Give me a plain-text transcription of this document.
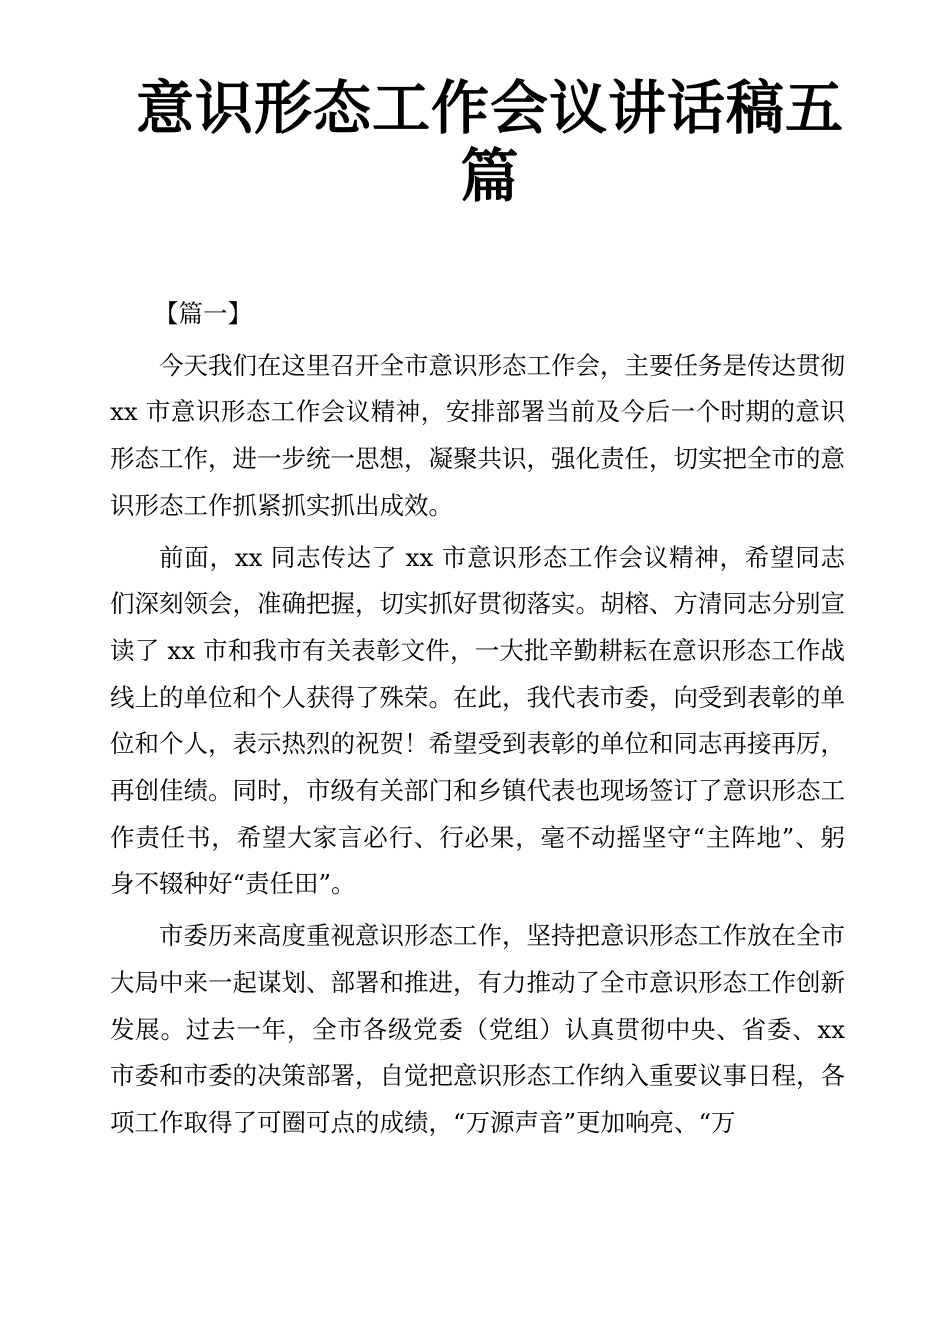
意识形态工作会议讲话稿五篇

【篇一】

今天我们在这里召开全市意识形态工作会，主要任务是传达贯彻 xx 市意识形态工作会议精神，安排部署当前及今后一个时期的意识形态工作，进一步统一思想，凝聚共识，强化责任，切实把全市的意识形态工作抓紧抓实抓出成效。

前面，xx 同志传达了 xx 市意识形态工作会议精神，希望同志们深刻领会，准确把握，切实抓好贯彻落实。胡榕、方清同志分别宣读了 xx 市和我市有关表彰文件，一大批辛勤耕耘在意识形态工作战线上的单位和个人获得了殊荣。在此，我代表市委，向受到表彰的单位和个人，表示热烈的祝贺！希望受到表彰的单位和同志再接再厉，再创佳绩。同时，市级有关部门和乡镇代表也现场签订了意识形态工作责任书，希望大家言必行、行必果，毫不动摇坚守“主阵地”、躬身不辍种好“责任田”。

市委历来高度重视意识形态工作，坚持把意识形态工作放在全市大局中来一起谋划、部署和推进，有力推动了全市意识形态工作创新发展。过去一年，全市各级党委（党组）认真贯彻中央、省委、xx 市委和市委的决策部署，自觉把意识形态工作纳入重要议事日程，各项工作取得了可圈可点的成绩，“万源声音”更加响亮、“万
